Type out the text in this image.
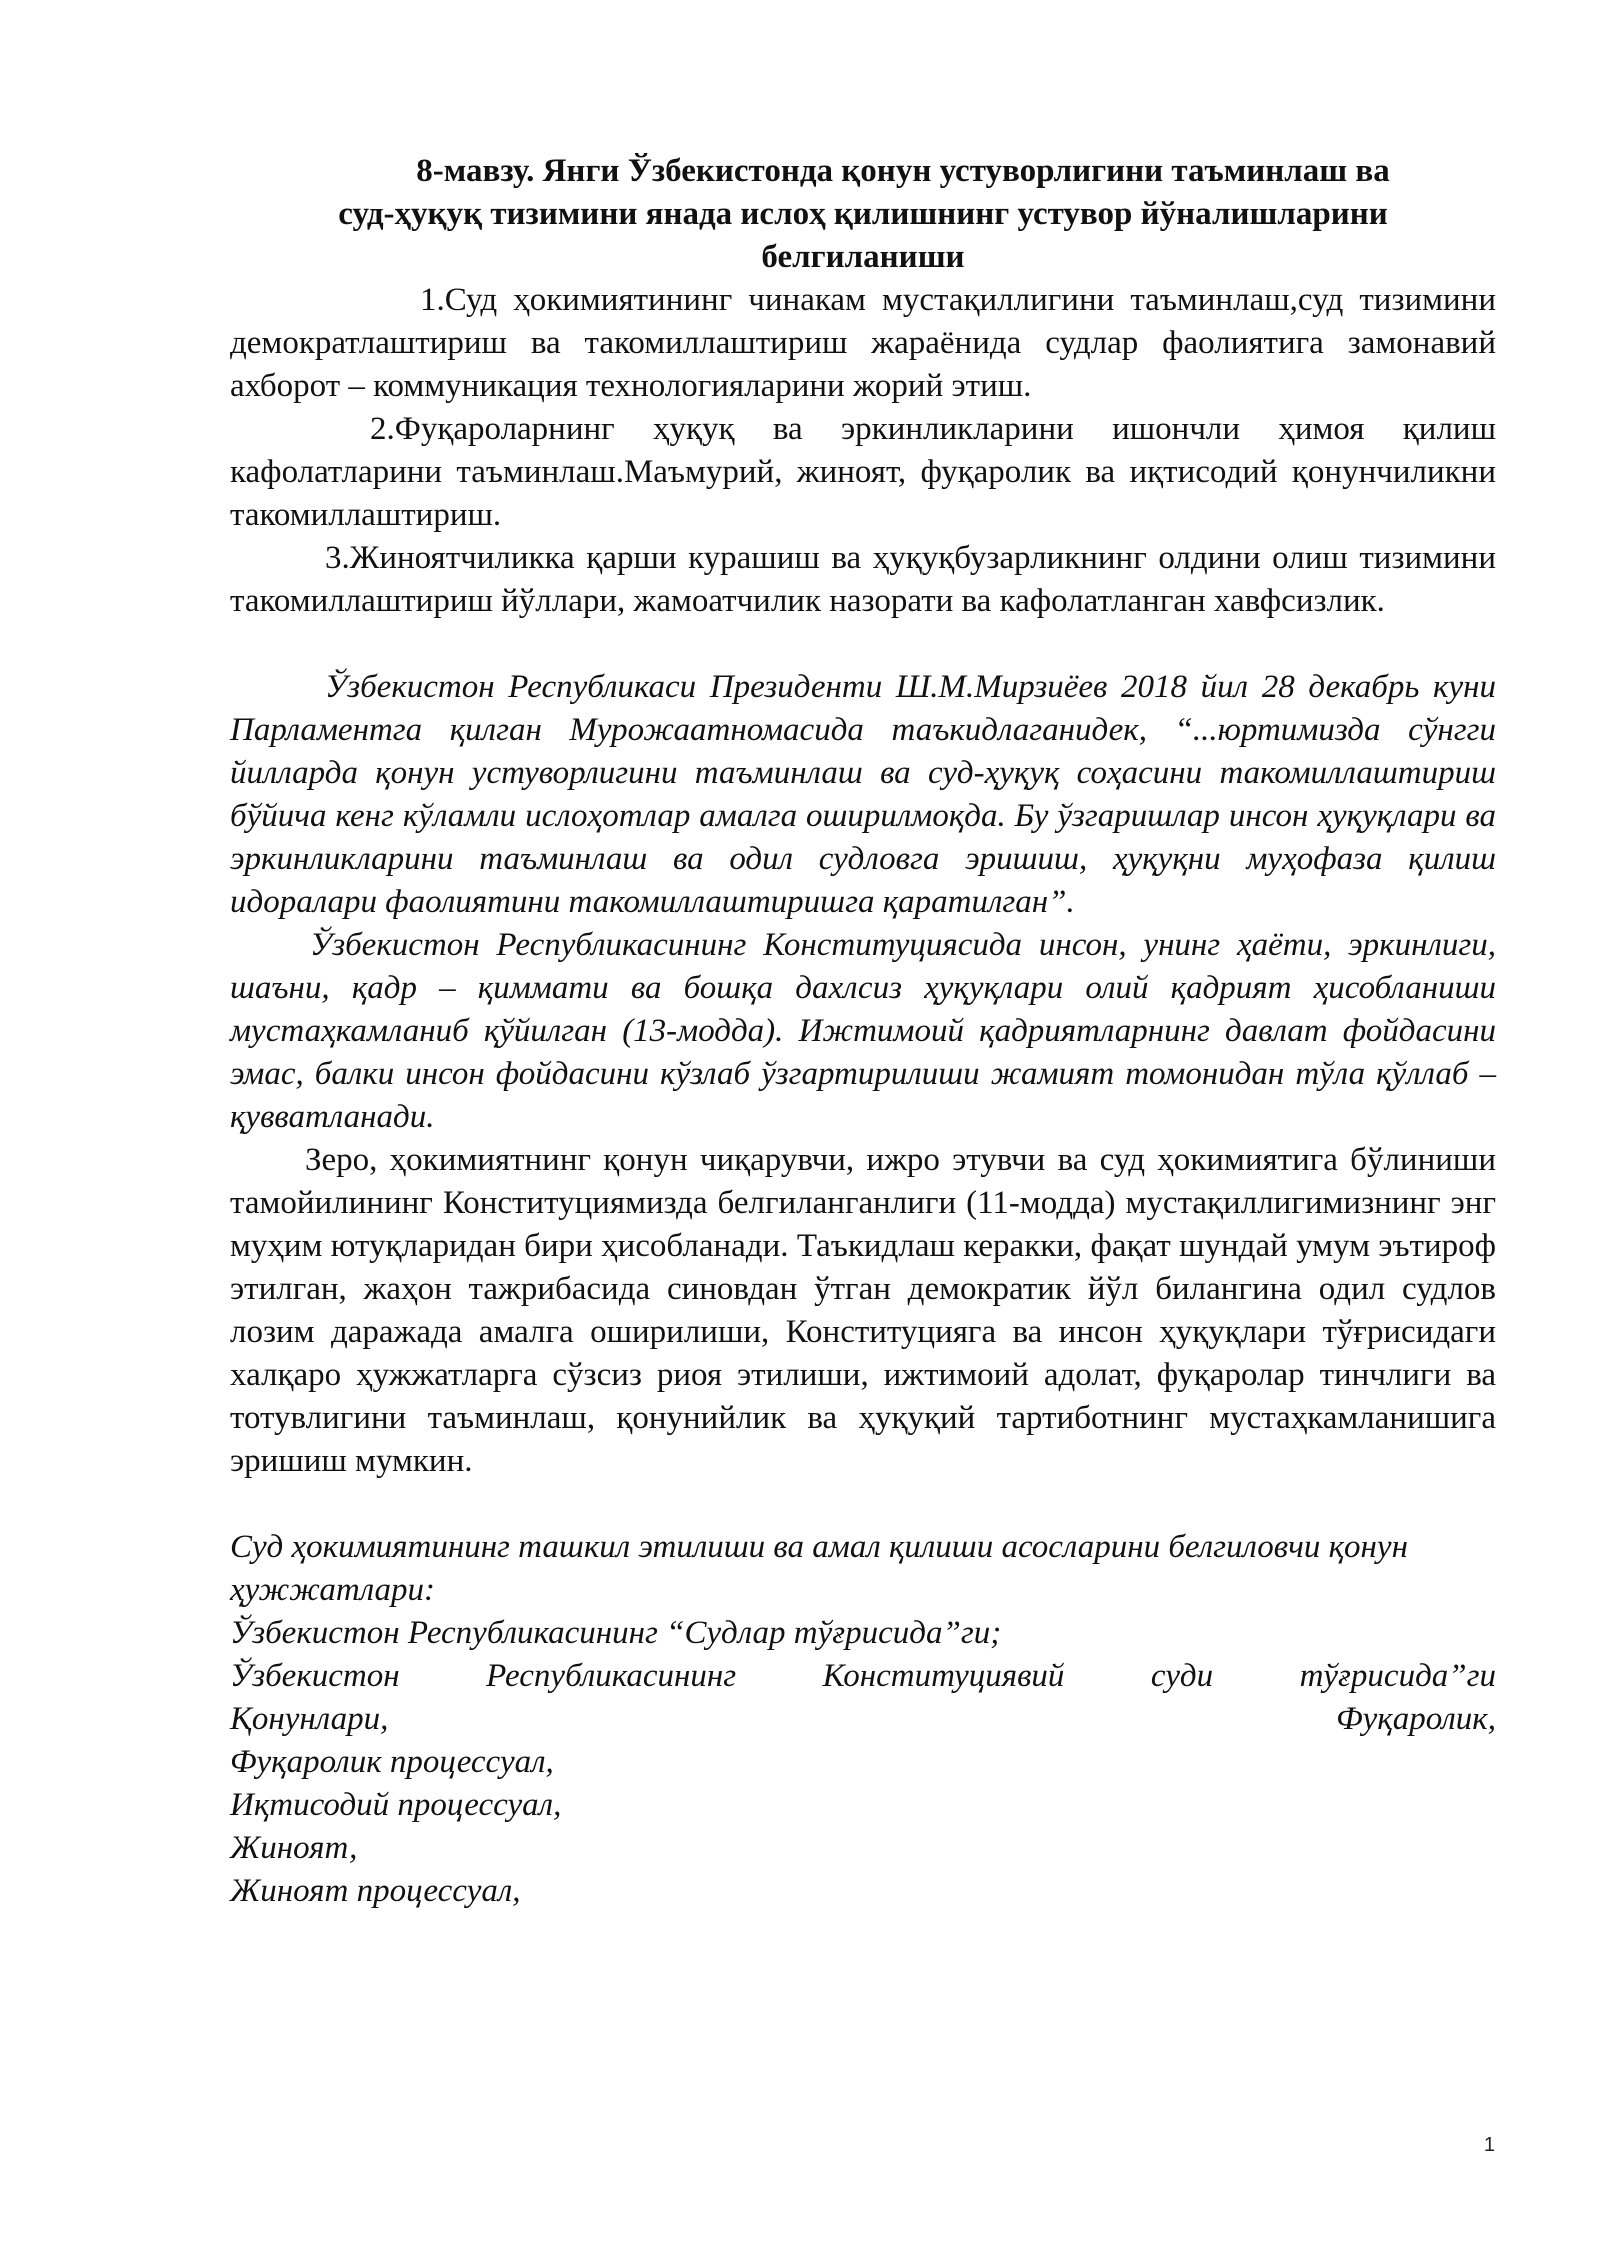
8-мавзу. Янги Ўзбекистонда қонун устуворлигини таъминлаш ва
суд-ҳуқуқ тизимини янада ислоҳ қилишнинг устувор йўналишларини
белгиланиши

1.Суд ҳокимиятининг чинакам мустақиллигини таъминлаш,суд тизимини демократлаштириш ва такомиллаштириш жараёнида судлар фаолиятига замонавий ахборот – коммуникация технологияларини жорий этиш.

2.Фуқароларнинг ҳуқуқ ва эркинликларини ишончли ҳимоя қилиш кафолатларини таъминлаш.Маъмурий, жиноят, фуқаролик ва иқтисодий қонунчиликни такомиллаштириш.

3.Жиноятчиликка қарши курашиш ва ҳуқуқбузарликнинг олдини олиш тизимини такомиллаштириш йўллари, жамоатчилик назорати ва кафолатланган хавфсизлик.

Ўзбекистон Республикаси Президенти Ш.М.Мирзиёев 2018 йил 28 декабрь куни Парламентга қилган Мурожаатномасида таъкидлаганидек, “...юртимизда сўнгги йилларда қонун устуворлигини таъминлаш ва суд-ҳуқуқ соҳасини такомиллаштириш бўйича кенг кўламли ислоҳотлар амалга оширилмоқда. Бу ўзгаришлар инсон ҳуқуқлари ва эркинликларини таъминлаш ва одил судловга эришиш, ҳуқуқни муҳофаза қилиш идоралари фаолиятини такомиллаштиришга қаратилган”.

Ўзбекистон Республикасининг Конституциясида инсон, унинг ҳаёти, эркинлиги, шаъни, қадр – қиммати ва бошқа дахлсиз ҳуқуқлари олий қадрият ҳисобланиши мустаҳкамланиб қўйилган (13-модда). Ижтимоий қадриятларнинг давлат фойдасини эмас, балки инсон фойдасини кўзлаб ўзгартирилиши жамият томонидан тўла қўллаб – қувватланади.

Зеро, ҳокимиятнинг қонун чиқарувчи, ижро этувчи ва суд ҳокимиятига бўлиниши тамойилининг Конституциямизда белгиланганлиги (11-модда) мустақиллигимизнинг энг муҳим ютуқларидан бири ҳисобланади. Таъкидлаш керакки, фақат шундай умум эътироф этилган, жаҳон тажрибасида синовдан ўтган демократик йўл билангина одил судлов лозим даражада амалга оширилиши, Конституцияга ва инсон ҳуқуқлари тўғрисидаги халқаро ҳужжатларга сўзсиз риоя этилиши, ижтимоий адолат, фуқаролар тинчлиги ва тотувлигини таъминлаш, қонунийлик ва ҳуқуқий тартиботнинг мустаҳкамланишига эришиш мумкин.

Суд ҳокимиятининг ташкил этилиши ва амал қилиши асосларини белгиловчи қонун ҳужжатлари:

Ўзбекистон Республикасининг “Судлар тўғрисида”ги;

Ўзбекистон Республикасининг Конституциявий суди тўғрисида”ги

Қонунлари,	Фуқаролик,

Фуқаролик процессуал,

Иқтисодий процессуал,

Жиноят,

Жиноят процессуал,

1
